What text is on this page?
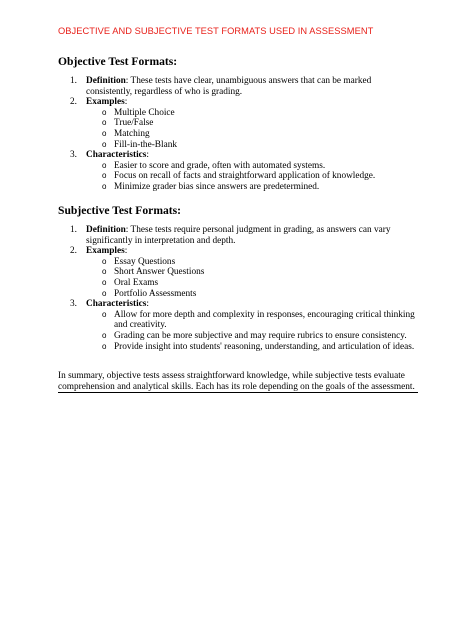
OBJECTIVE AND SUBJECTIVE TEST FORMATS USED IN ASSESSMENT
Objective Test Formats:
1. Definition: These tests have clear, unambiguous answers that can be marked consistently, regardless of who is grading.
2. Examples:
o Multiple Choice
o True/False
o Matching
o Fill-in-the-Blank
3. Characteristics:
o Easier to score and grade, often with automated systems.
o Focus on recall of facts and straightforward application of knowledge.
o Minimize grader bias since answers are predetermined.
Subjective Test Formats:
1. Definition: These tests require personal judgment in grading, as answers can vary significantly in interpretation and depth.
2. Examples:
o Essay Questions
o Short Answer Questions
o Oral Exams
o Portfolio Assessments
3. Characteristics:
o Allow for more depth and complexity in responses, encouraging critical thinking and creativity.
o Grading can be more subjective and may require rubrics to ensure consistency.
o Provide insight into students' reasoning, understanding, and articulation of ideas.
In summary, objective tests assess straightforward knowledge, while subjective tests evaluate comprehension and analytical skills. Each has its role depending on the goals of the assessment.
